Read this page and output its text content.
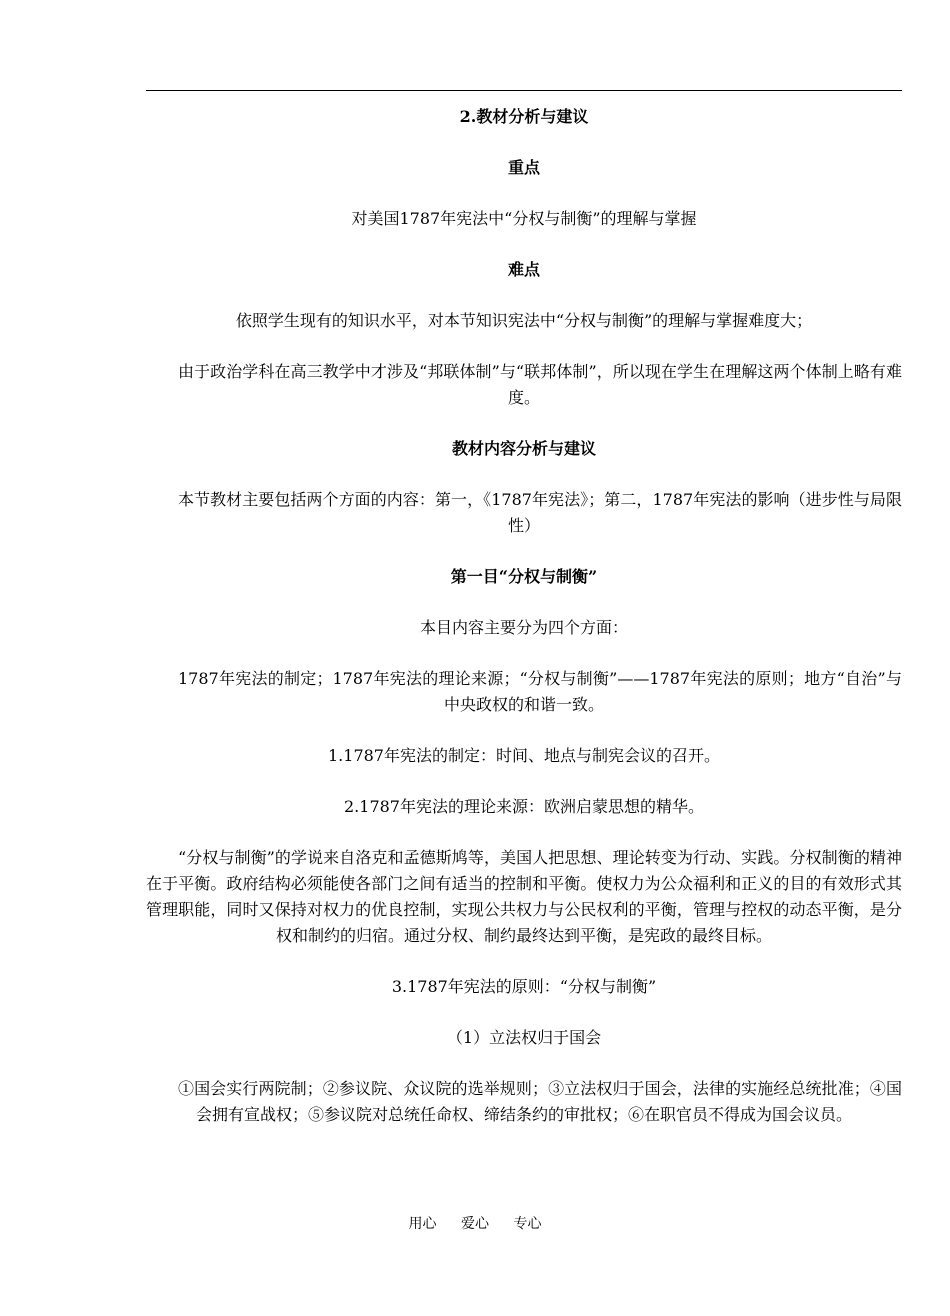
2.教材分析与建议

重点

对美国1787年宪法中“分权与制衡”的理解与掌握

难点

依照学生现有的知识水平，对本节知识宪法中“分权与制衡”的理解与掌握难度大；

由于政治学科在高三教学中才涉及“邦联体制”与“联邦体制”，所以现在学生在理解这两个体制上略有难度。

教材内容分析与建议

本节教材主要包括两个方面的内容：第一，《1787年宪法》；第二，1787年宪法的影响（进步性与局限性）

第一目“分权与制衡”

本目内容主要分为四个方面：

1787年宪法的制定；1787年宪法的理论来源；“分权与制衡”——1787年宪法的原则；地方“自治”与中央政权的和谐一致。

1.1787年宪法的制定：时间、地点与制宪会议的召开。

2.1787年宪法的理论来源：欧洲启蒙思想的精华。

“分权与制衡”的学说来自洛克和孟德斯鸠等，美国人把思想、理论转变为行动、实践。分权制衡的精神在于平衡。政府结构必须能使各部门之间有适当的控制和平衡。使权力为公众福利和正义的目的有效形式其管理职能，同时又保持对权力的优良控制，实现公共权力与公民权利的平衡，管理与控权的动态平衡，是分权和制约的归宿。通过分权、制约最终达到平衡，是宪政的最终目标。

3.1787年宪法的原则：“分权与制衡”

（1）立法权归于国会

①国会实行两院制；②参议院、众议院的选举规则；③立法权归于国会，法律的实施经总统批准；④国会拥有宣战权；⑤参议院对总统任命权、缔结条约的审批权；⑥在职官员不得成为国会议员。

用心 爱心 专心
